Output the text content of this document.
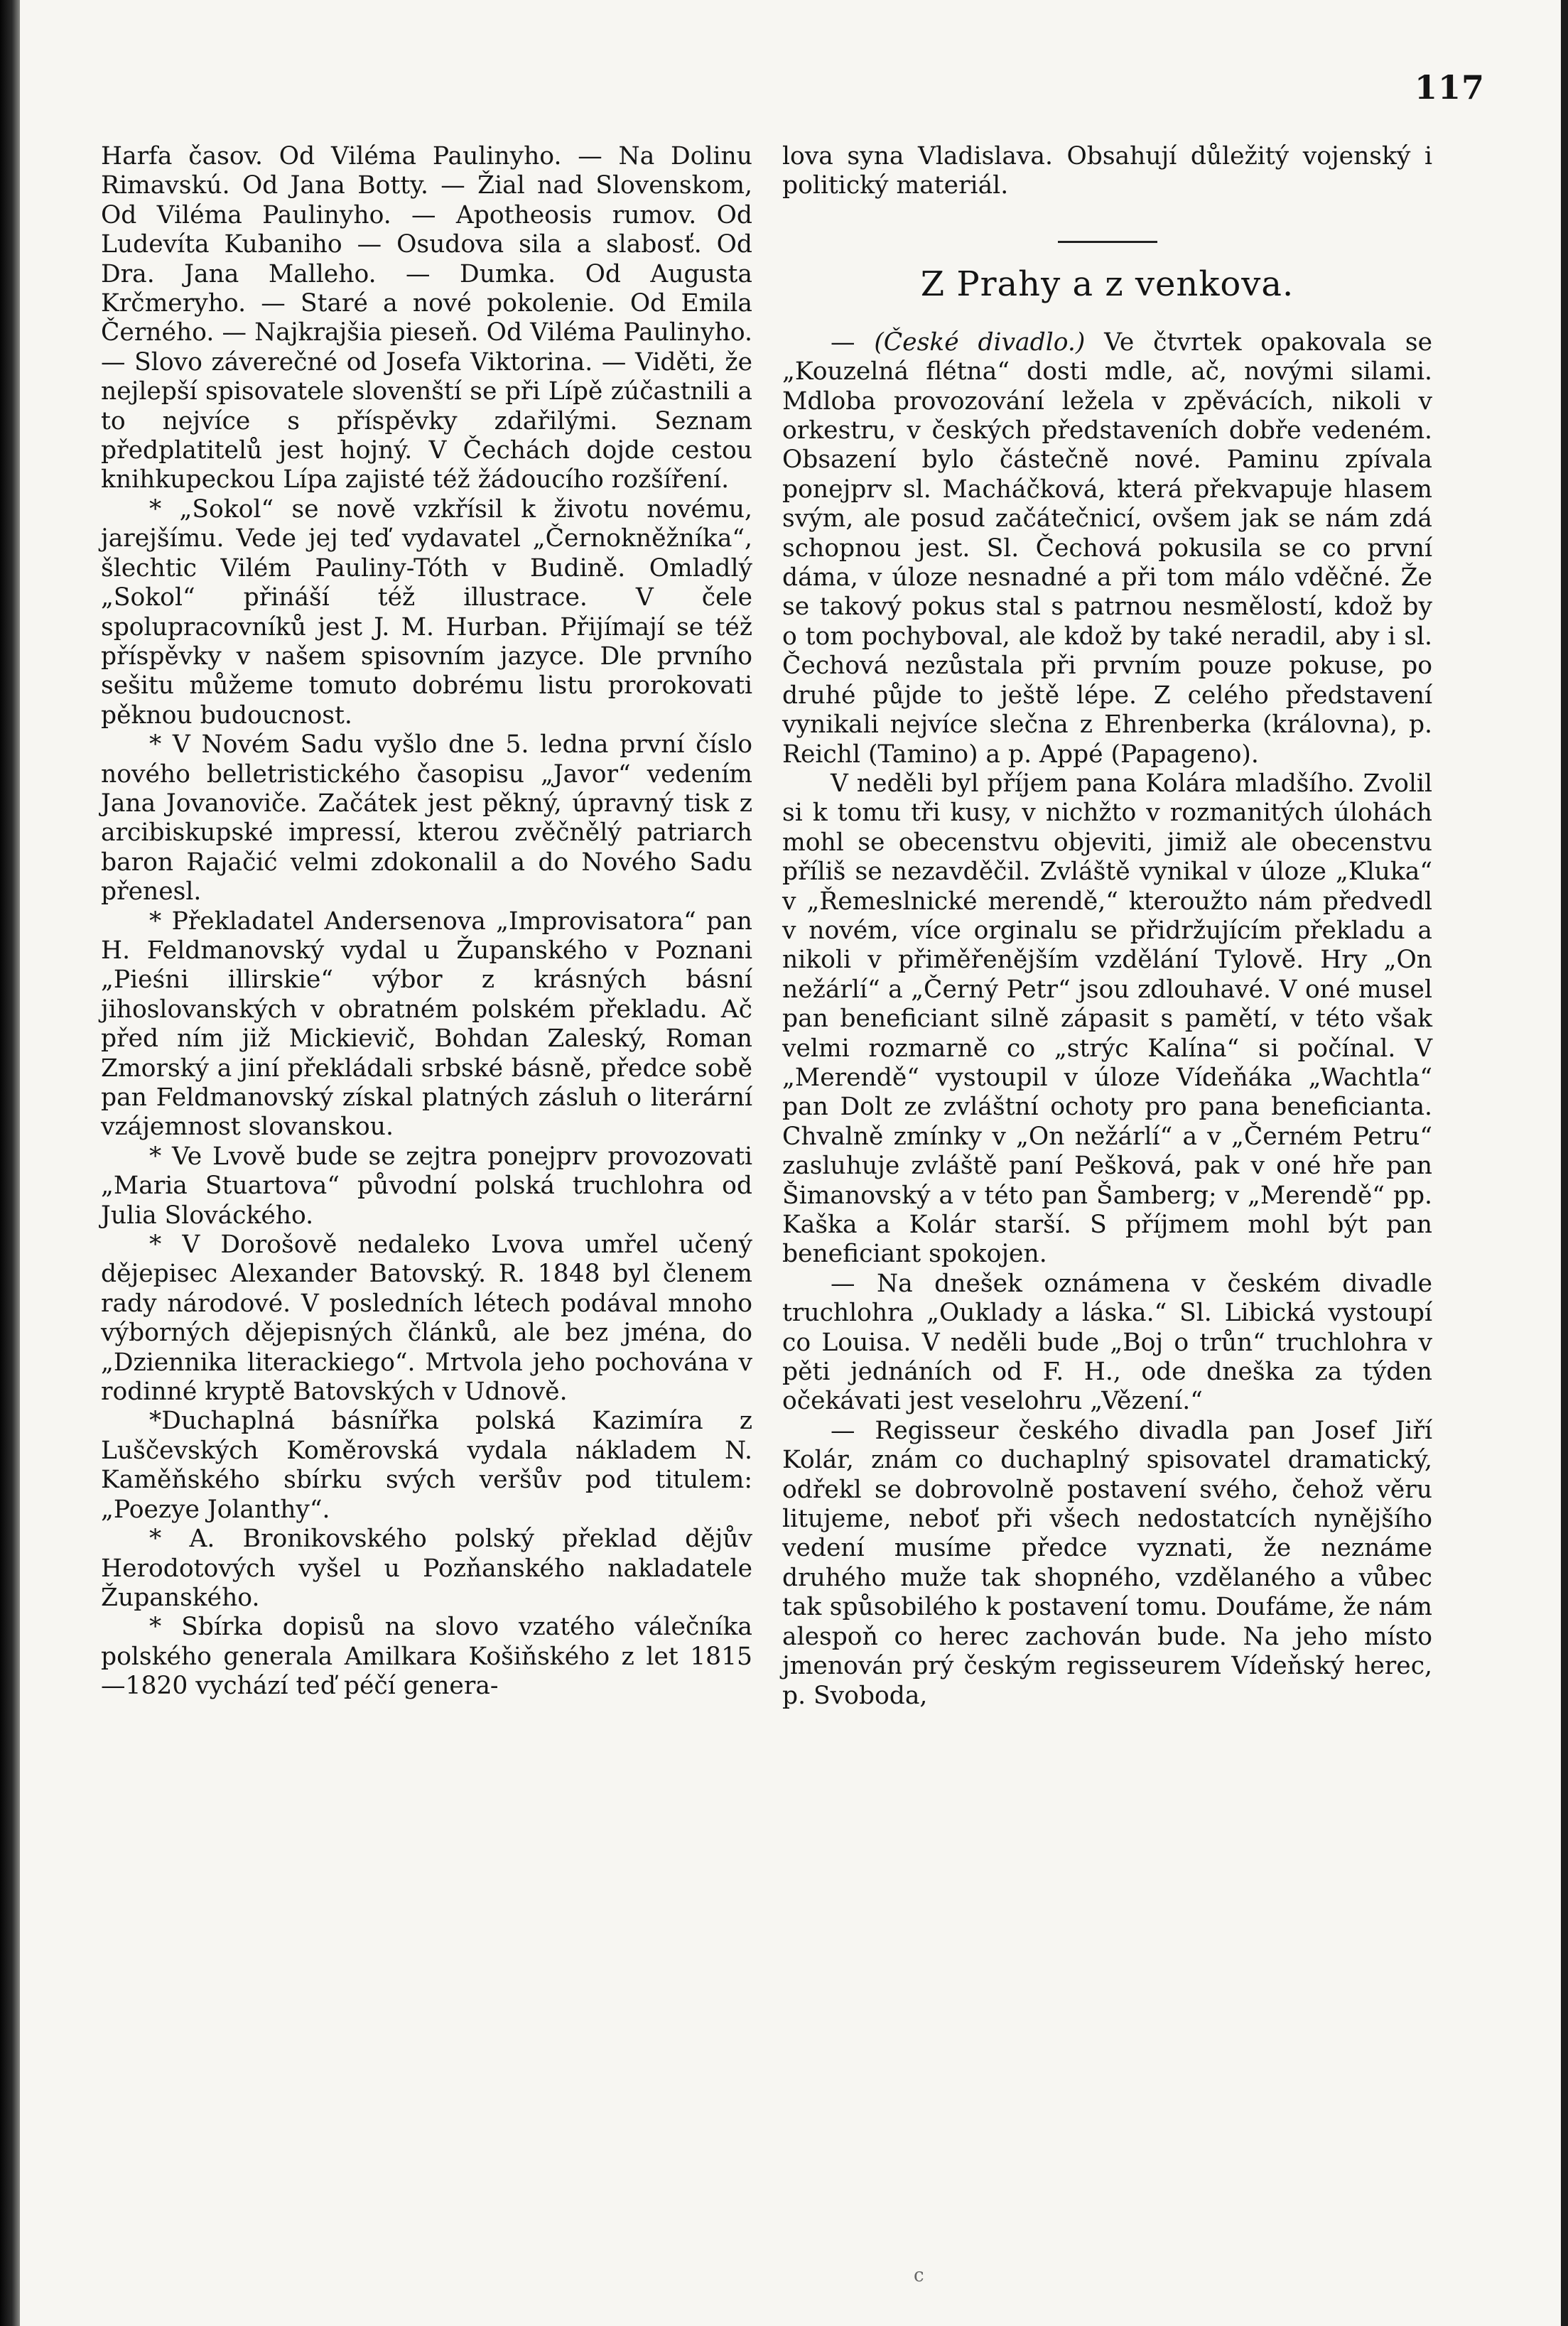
117

Harfa časov. Od Viléma Paulinyho. — Na Dolinu Rimavskú. Od Jana Botty. — Žial nad Slovenskom, Od Viléma Paulinyho. — Apotheosis rumov. Od Ludevíta Kubaniho — Osudova sila a slabosť. Od Dra. Jana Malleho. — Dumka. Od Augusta Krčmeryho. — Staré a nové pokolenie. Od Emila Černého. — Najkrajšia pieseň. Od Viléma Paulinyho. — Slovo záverečné od Josefa Viktorina. — Viděti, že nejlepší spisovatele slovenští se při Lípě zúčastnili a to nejvíce s příspěvky zdařilými. Seznam předplatitelů jest hojný. V Čechách dojde cestou knihkupeckou Lípa zajisté též žádoucího rozšíření.

* „Sokol“ se nově vzkřísil k životu novému, jarejšímu. Vede jej teď vydavatel „Černokněžníka“, šlechtic Vilém Pauliny-Tóth v Budině. Omladlý „Sokol“ přináší též illustrace. V čele spolupracovníků jest J. M. Hurban. Přijímají se též příspěvky v našem spisovním jazyce. Dle prvního sešitu můžeme tomuto dobrému listu prorokovati pěknou budoucnost.

* V Novém Sadu vyšlo dne 5. ledna první číslo nového belletristického časopisu „Javor“ vedením Jana Jovanoviče. Začátek jest pěkný, úpravný tisk z arcibiskupské impressí, kterou zvěčnělý patriarch baron Rajačić velmi zdokonalil a do Nového Sadu přenesl.

* Překladatel Andersenova „Improvisatora“ pan H. Feldmanovský vydal u Županského v Poznani „Pieśni illirskie“ výbor z krásných básní jihoslovanských v obratném polském překladu. Ač před ním již Mickievič, Bohdan Zaleský, Roman Zmorský a jiní překládali srbské básně, předce sobě pan Feldmanovský získal platných zásluh o literární vzájemnost slovanskou.

* Ve Lvově bude se zejtra ponejprv provozovati „Maria Stuartova“ původní polská truchlohra od Julia Slováckého.

* V Dorošově nedaleko Lvova umřel učený dějepisec Alexander Batovský. R. 1848 byl členem rady národové. V posledních létech podával mnoho výborných dějepisných článků, ale bez jména, do „Dziennika literackiego“. Mrtvola jeho pochována v rodinné kryptě Batovských v Udnově.

*Duchaplná básnířka polská Kazimíra z Luščevských Koměrovská vydala nákladem N. Kaměňského sbírku svých veršův pod titulem: „Poezye Jolanthy“.

* A. Bronikovského polský překlad dějův Herodotových vyšel u Pozňanského nakladatele Županského.

* Sbírka dopisů na slovo vzatého válečníka polského generala Amilkara Košiňského z let 1815—1820 vychází teď péčí genera-

lova syna Vladislava. Obsahují důležitý vojenský i politický materiál.

Z Prahy a z venkova.

— (České divadlo.) Ve čtvrtek opakovala se „Kouzelná flétna“ dosti mdle, ač, novými silami. Mdloba provozování ležela v zpěvácích, nikoli v orkestru, v českých představeních dobře vedeném. Obsazení bylo částečně nové. Paminu zpívala ponejprv sl. Macháčková, která překvapuje hlasem svým, ale posud začátečnicí, ovšem jak se nám zdá schopnou jest. Sl. Čechová pokusila se co první dáma, v úloze nesnadné a při tom málo vděčné. Že se takový pokus stal s patrnou nesmělostí, kdož by o tom pochyboval, ale kdož by také neradil, aby i sl. Čechová nezůstala při prvním pouze pokuse, po druhé půjde to ještě lépe. Z celého představení vynikali nejvíce slečna z Ehrenberka (královna), p. Reichl (Tamino) a p. Appé (Papageno).

V neděli byl příjem pana Kolára mladšího. Zvolil si k tomu tři kusy, v nichžto v rozmanitých úlohách mohl se obecenstvu objeviti, jimiž ale obecenstvu příliš se nezavděčil. Zvláště vynikal v úloze „Kluka“ v „Řemeslnické merendě,“ kteroužto nám předvedl v novém, více orginalu se přidržujícím překladu a nikoli v přiměřenějším vzdělání Tylově. Hry „On nežárlí“ a „Černý Petr“ jsou zdlouhavé. V oné musel pan beneficiant silně zápasit s pamětí, v této však velmi rozmarně co „strýc Kalína“ si počínal. V „Merendě“ vystoupil v úloze Vídeňáka „Wachtla“ pan Dolt ze zvláštní ochoty pro pana beneficianta. Chvalně zmínky v „On nežárlí“ a v „Černém Petru“ zasluhuje zvláště paní Pešková, pak v oné hře pan Šimanovský a v této pan Šamberg; v „Merendě“ pp. Kaška a Kolár starší. S příjmem mohl být pan beneficiant spokojen.

— Na dnešek oznámena v českém divadle truchlohra „Ouklady a láska.“ Sl. Libická vystoupí co Louisa. V neděli bude „Boj o trůn“ truchlohra v pěti jednáních od F. H., ode dneška za týden očekávati jest veselohru „Vězení.“

— Regisseur českého divadla pan Josef Jiří Kolár, znám co duchaplný spisovatel dramatický, odřekl se dobrovolně postavení svého, čehož věru litujeme, neboť při všech nedostatcích nynějšího vedení musíme předce vyznati, že neznáme druhého muže tak shopného, vzdělaného a vůbec tak spůsobilého k postavení tomu. Doufáme, že nám alespoň co herec zachován bude. Na jeho místo jmenován prý českým regisseurem Vídeňský herec, p. Svoboda,

c
